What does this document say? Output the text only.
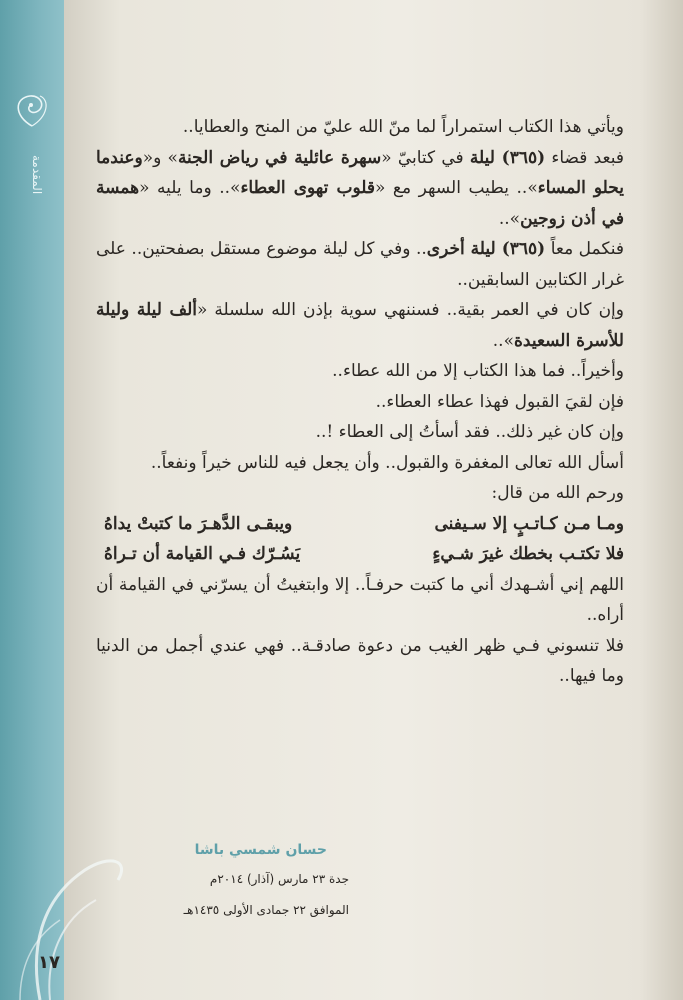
المقدمة

ويأتي هذا الكتاب استمراراً لما منّ الله عليّ من المنح والعطايا..

فبعد قضاء (٣٦٥) ليلة في كتابيّ «سهرة عائلية في رياض الجنة» و«وعندما يحلو المساء».. يطيب السهر مع «قلوب تهوى العطاء».. وما يليه «همسة في أذن زوجين»..

فنكمل معاً (٣٦٥) ليلة أخرى.. وفي كل ليلة موضوع مستقل بصفحتين.. على غرار الكتابين السابقين..

وإن كان في العمر بقية.. فسننهي سوية بإذن الله سلسلة «ألف ليلة وليلة للأسرة السعيدة»..

وأخيراً.. فما هذا الكتاب إلا من الله عطاء..

فإن لقيَ القبول فهذا عطاء العطاء..

وإن كان غير ذلك.. فقد أسأتُ إلى العطاء !..

أسأل الله تعالى المغفرة والقبول.. وأن يجعل فيه للناس خيراً ونفعاً..

ورحم الله من قال:

ومـا مـن كـاتـبٍ إلا سـيفنى
ويبقـى الدَّهـرَ ما كتبتْ يداهُ
فلا تكتـب بخطك غيرَ شـيءٍ
يَسُـرّك فـي القيامة أن تـراهُ

اللهم إني أشـهدك أني ما كتبت حرفـاً.. إلا وابتغيتُ أن يسرّني في القيامة أن أراه..

فلا تنسوني فـي ظهر الغيب من دعوة صادقـة.. فهي عندي أجمل من الدنيا وما فيها..

حسان شمسي باشا
جدة ٢٣ مارس (آذار) ٢٠١٤م
الموافق ٢٢ جمادى الأولى ١٤٣٥هـ
١٧
